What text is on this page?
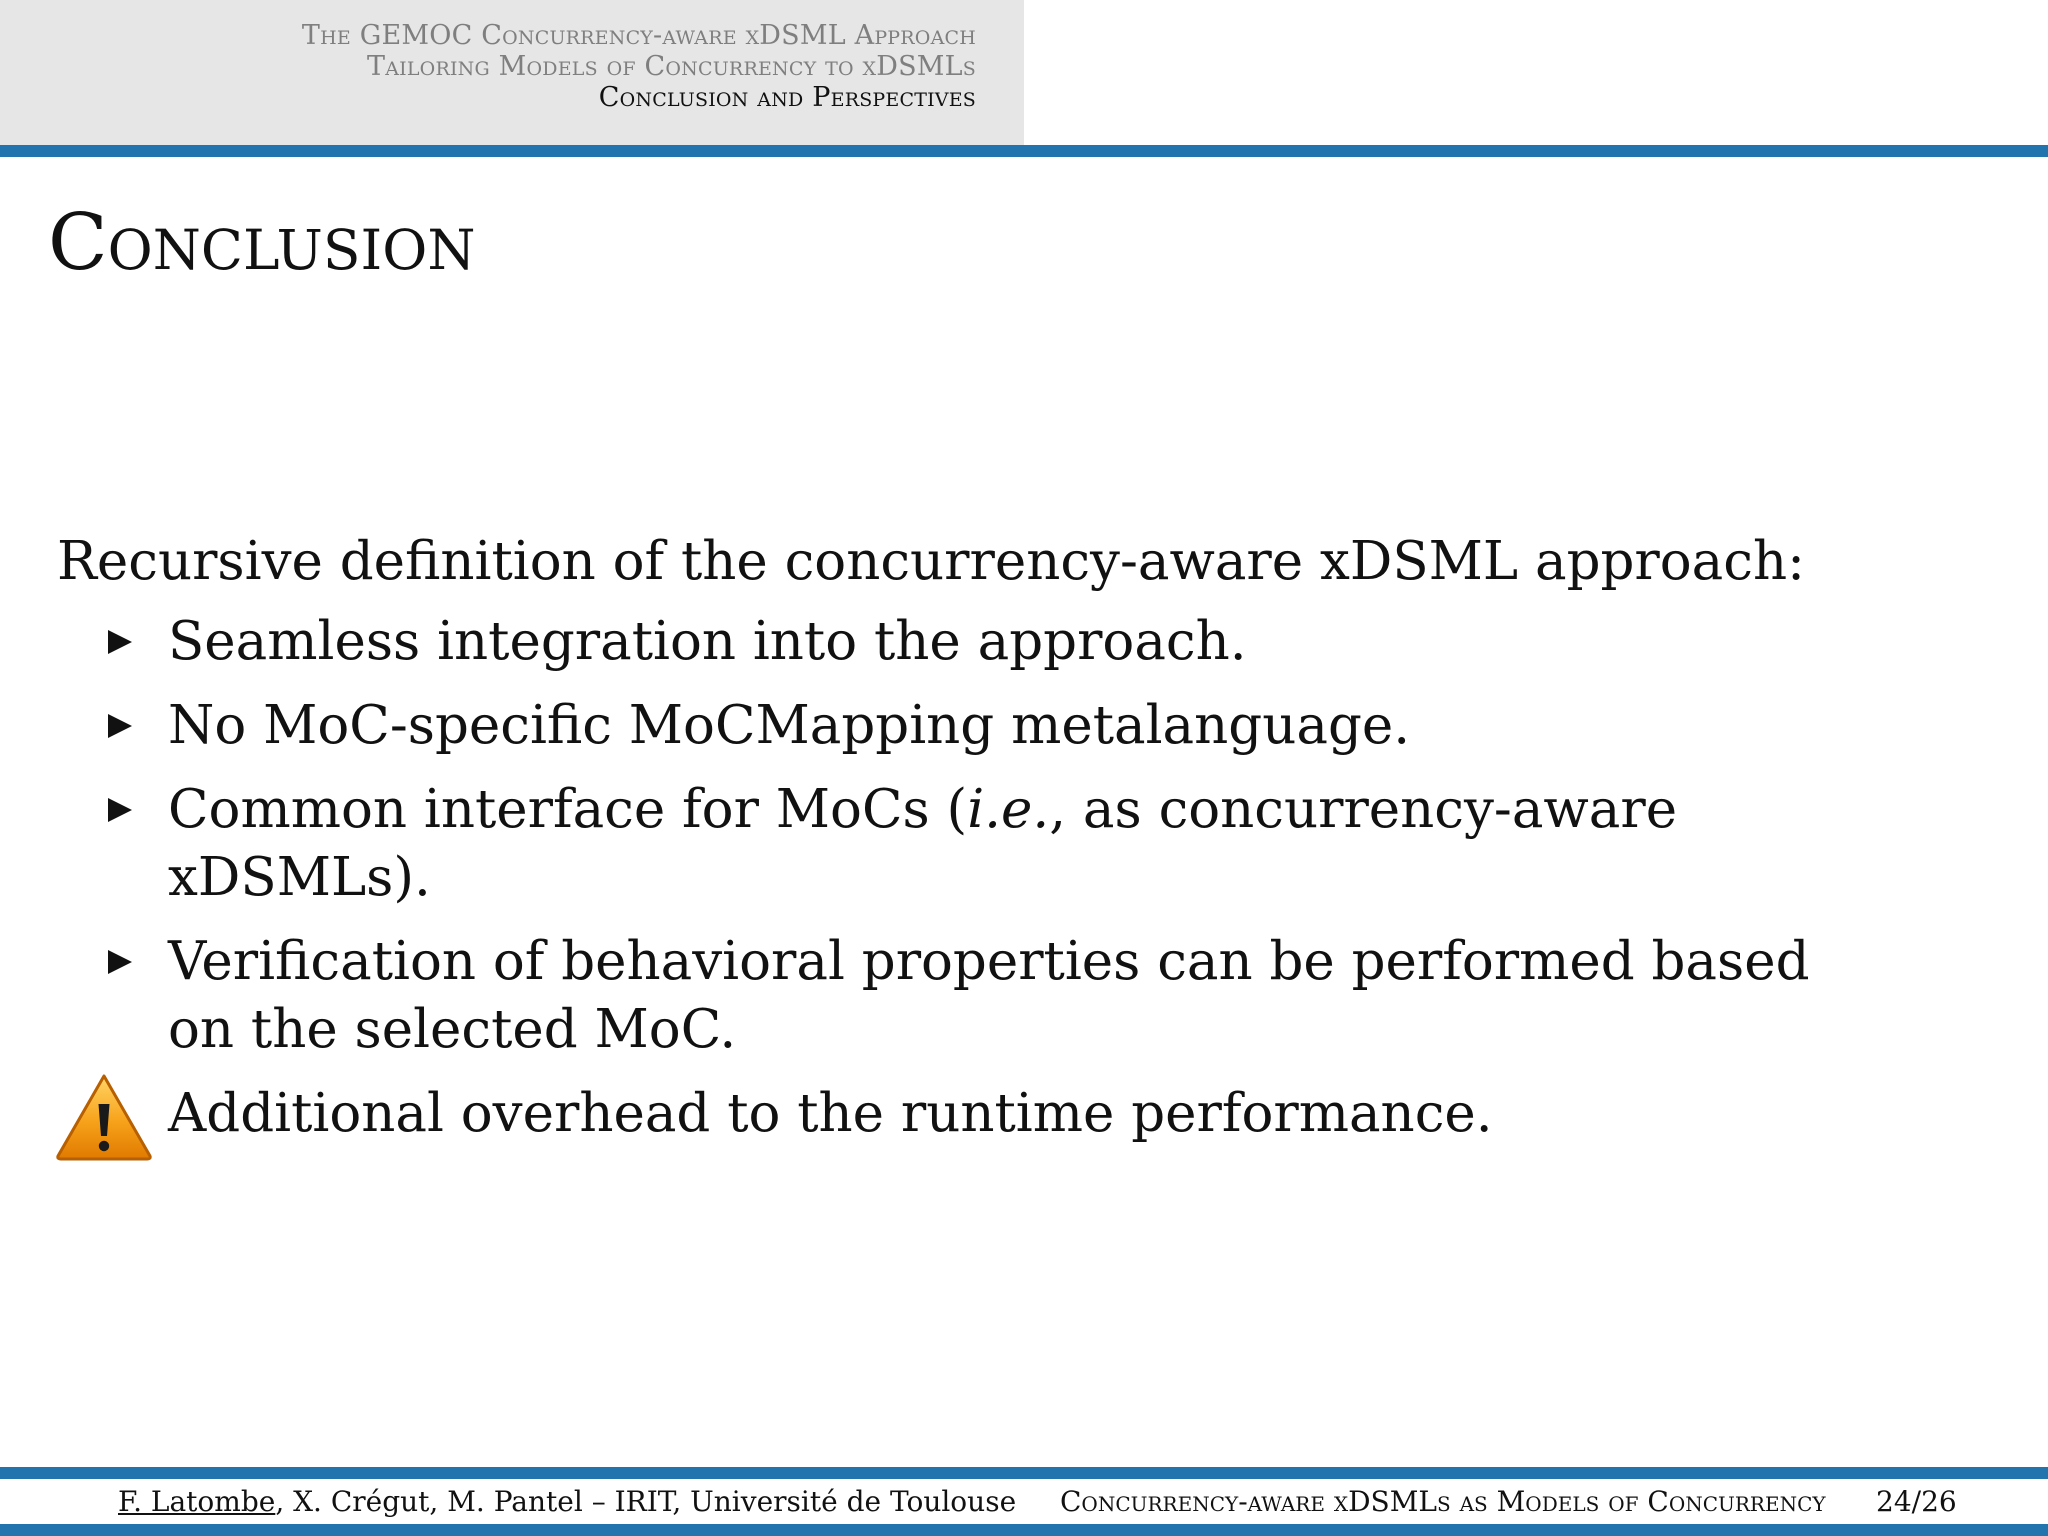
The GEMOC Concurrency-aware xDSML Approach
Tailoring Models of Concurrency to xDSMLs
Conclusion and Perspectives
Conclusion

Recursive definition of the concurrency-aware xDSML approach:

Seamless integration into the approach.
No MoC-specific MoCMapping metalanguage.
Common interface for MoCs (i.e., as concurrency-aware xDSMLs).
Verification of behavioral properties can be performed based on the selected MoC.
Additional overhead to the runtime performance.
F. Latombe, X. Crégut, M. Pantel – IRIT, Université de Toulouse Concurrency-aware xDSMLs as Models of Concurrency 24/26
